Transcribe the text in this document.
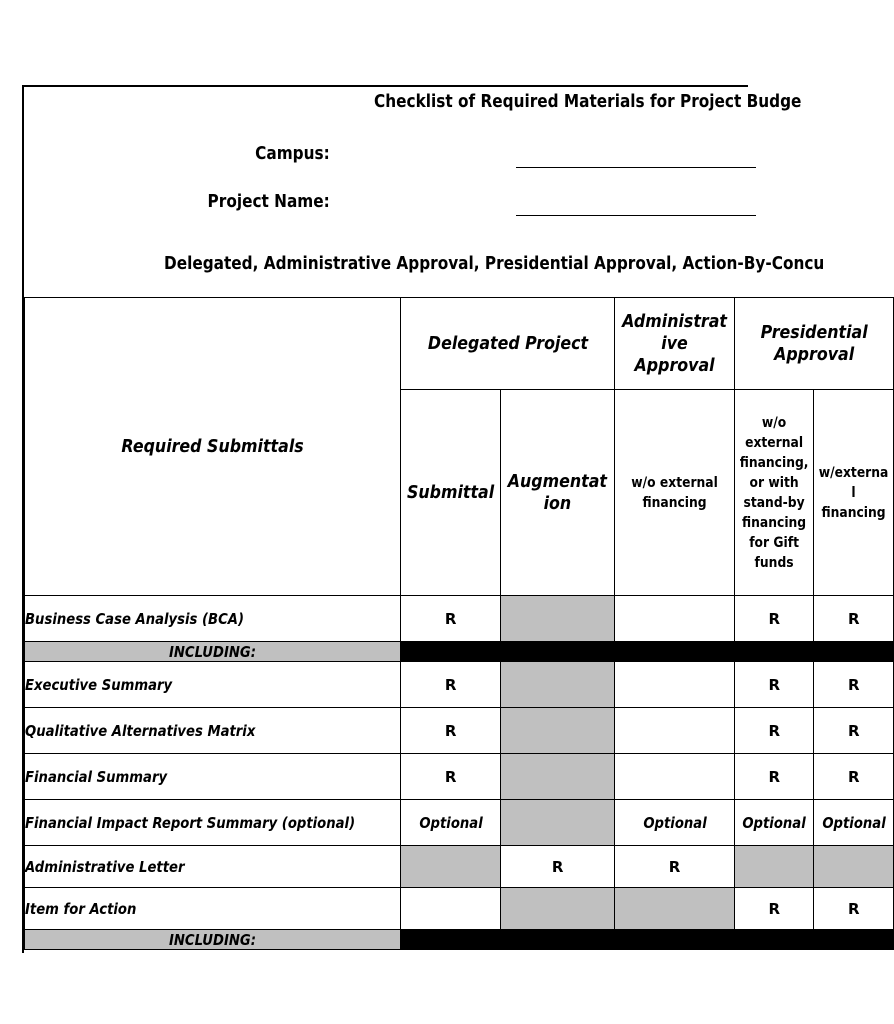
Checklist of Required Materials for Project Budge
Campus:
Project Name:
Delegated, Administrative Approval, Presidential Approval, Action-By-Concu
Required Submittals	Delegated Project		Administrat ive Approval	Presidential Approval	
	Submittal	Augmentat ion	w/o external financing	w/o external financing, or with stand-by financing for Gift funds	w/externa l financing
Business Case Analysis (BCA)	R			R	R
INCLUDING:					
Executive Summary	R			R	R
Qualitative Alternatives Matrix	R			R	R
Financial Summary	R			R	R
Financial Impact Report Summary (optional)	Optional		Optional	Optional	Optional
Administrative Letter		R	R		
Item for Action				R	R
INCLUDING:					
